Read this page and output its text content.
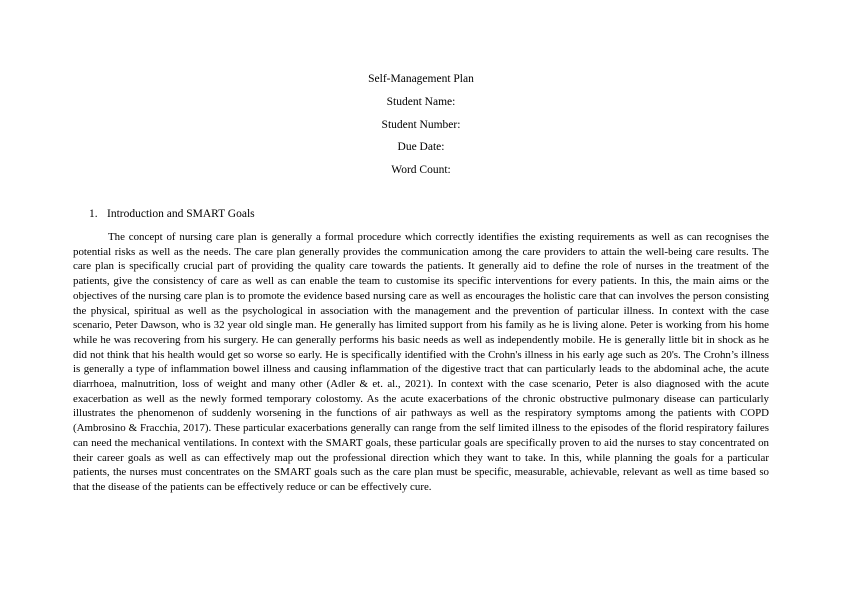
Self-Management Plan
Student Name:
Student Number:
Due Date:
Word Count:
1. Introduction and SMART Goals

The concept of nursing care plan is generally a formal procedure which correctly identifies the existing requirements as well as can recognises the potential risks as well as the needs. The care plan generally provides the communication among the care providers to attain the well-being care results. The care plan is specifically crucial part of providing the quality care towards the patients. It generally aid to define the role of nurses in the treatment of the patients, give the consistency of care as well as can enable the team to customise its specific interventions for every patients. In this, the main aims or the objectives of the nursing care plan is to promote the evidence based nursing care as well as encourages the holistic care that can involves the person consisting the physical, spiritual as well as the psychological in association with the management and the prevention of particular illness. In context with the case scenario, Peter Dawson, who is 32 year old single man. He generally has limited support from his family as he is living alone. Peter is working from his home while he was recovering from his surgery. He can generally performs his basic needs as well as independently mobile. He is generally little bit in shock as he did not think that his health would get so worse so early. He is specifically identified with the Crohn's illness in his early age such as 20's. The Crohn’s illness is generally a type of inflammation bowel illness and causing inflammation of the digestive tract that can particularly leads to the abdominal ache, the acute diarrhoea, malnutrition, loss of weight and many other (Adler & et. al., 2021). In context with the case scenario, Peter is also diagnosed with the acute exacerbation as well as the newly formed temporary colostomy. As the acute exacerbations of the chronic obstructive pulmonary disease can particularly illustrates the phenomenon of suddenly worsening in the functions of air pathways as well as the respiratory symptoms among the patients with COPD (Ambrosino & Fracchia, 2017). These particular exacerbations generally can range from the self limited illness to the episodes of the florid respiratory failures can need the mechanical ventilations. In context with the SMART goals, these particular goals are specifically proven to aid the nurses to stay concentrated on their career goals as well as can effectively map out the professional direction which they want to take. In this, while planning the goals for a particular patients, the nurses must concentrates on the SMART goals such as the care plan must be specific, measurable, achievable, relevant as well as time based so that the disease of the patients can be effectively reduce or can be effectively cure.
